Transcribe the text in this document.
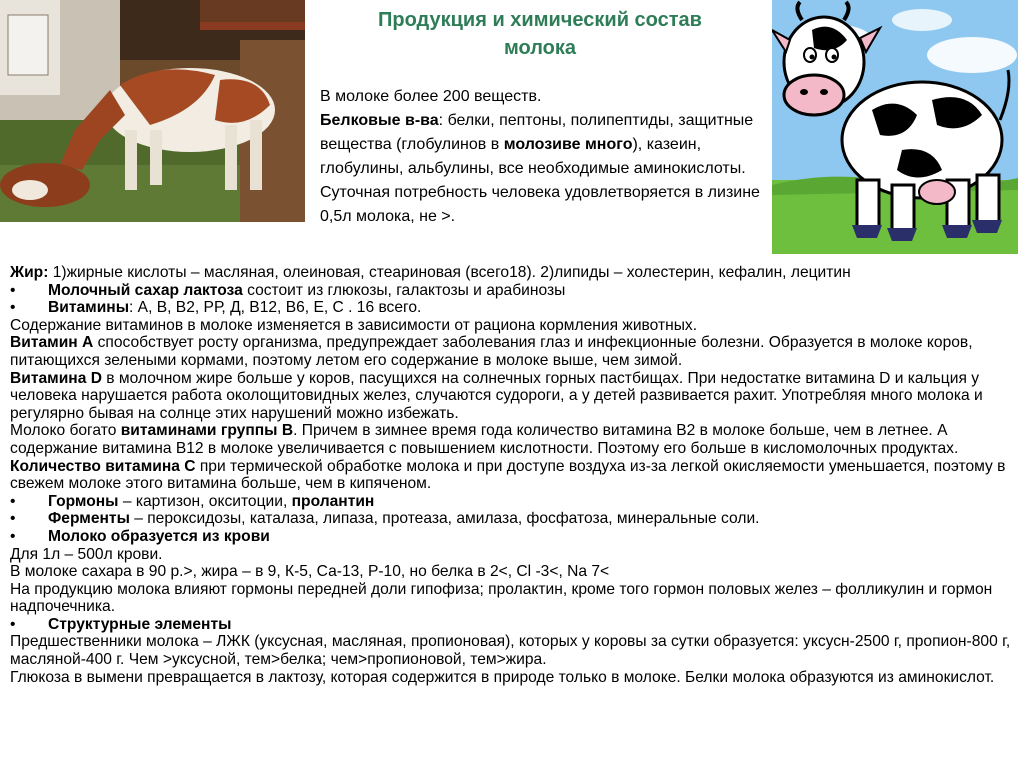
Продукция и химический состав
молока
В молоке более 200 веществ.
Белковые в-ва: белки, пептоны, полипептиды, защитные вещества (глобулинов в молозиве много), казеин, глобулины, альбулины, все необходимые аминокислоты. Суточная потребность человека удовлетворяется в лизине 0,5л молока, не >.

Жир: 1)жирные кислоты – масляная, олеиновая, стеариновая (всего18). 2)липиды – холестерин, кефалин, лецитин

•	Молочный сахар лактоза состоит из глюкозы, галактозы и арабинозы
•	Витамины: А, В, В2, РР, Д, В12, В6, Е, С . 16 всего.

Содержание витаминов в молоке изменяется в зависимости от рациона кормления животных.

Витамин А способствует росту организма, предупреждает заболевания глаз и инфекционные болезни. Образуется в молоке коров, питающихся зелеными кормами, поэтому летом его содержание в молоке выше, чем зимой.

Витамина D в молочном жире больше у коров, пасущихся на солнечных горных пастбищах. При недостатке витамина D и кальция у человека нарушается работа околощитовидных желез, случаются судороги, а у детей развивается рахит. Употребляя много молока и регулярно бывая на солнце этих нарушений можно избежать.

Молоко богато витаминами группы В. Причем в зимнее время года количество витамина В2 в молоке больше, чем в летнее. А содержание витамина В12 в молоке увеличивается с повышением кислотности. Поэтому его больше в кисломолочных продуктах.

Количество витамина С при термической обработке молока и при доступе воздуха из-за легкой окисляемости уменьшается, поэтому в свежем молоке этого витамина больше, чем в кипяченом.

•	Гормоны – картизон, окситоции, пролантин
•	Ферменты – пероксидозы, каталаза, липаза, протеаза, амилаза, фосфатоза, минеральные соли.
•	Молоко образуется из крови

Для 1л – 500л крови.

В молоке сахара в 90 р.>, жира – в 9, К-5, Са-13, Р-10, но белка в 2<, Cl -3<, Na 7<

На продукцию молока влияют гормоны передней доли гипофиза; пролактин, кроме того гормон половых желез – фолликулин и гормон надпочечника.

•	Структурные элементы

Предшественники молока – ЛЖК (уксусная, масляная, пропионовая), которых у коровы за сутки образуется: уксусн-2500 г, пропион-800 г, масляной-400 г. Чем >уксусной, тем>белка; чем>пропионовой, тем>жира.

Глюкоза в вымени превращается в лактозу, которая содержится в природе только в молоке. Белки молока образуются из аминокислот.
